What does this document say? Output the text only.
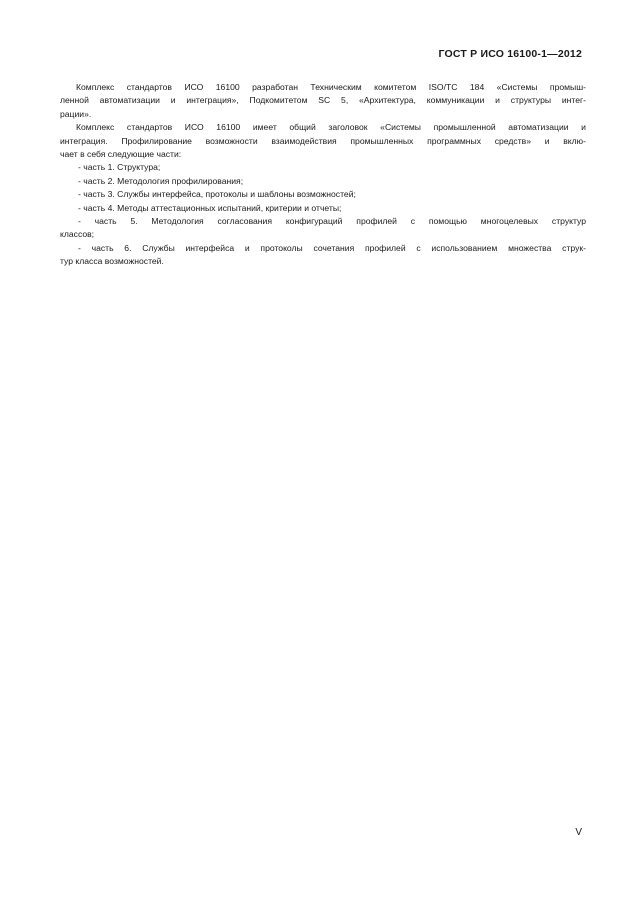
ГОСТ Р ИСО 16100-1—2012
Комплекс стандартов ИСО 16100 разработан Техническим комитетом ISO/TC 184 «Системы промыш-
ленной автоматизации и интеграция», Подкомитетом SC 5, «Архитектура, коммуникации и структуры интег-
рации».
Комплекс стандартов ИСО 16100 имеет общий заголовок «Системы промышленной автоматизации и
интеграция. Профилирование возможности взаимодействия промышленных программных средств» и вклю-
чает в себя следующие части:
- часть 1. Структура;
- часть 2. Методология профилирования;
- часть 3. Службы интерфейса, протоколы и шаблоны возможностей;
- часть 4. Методы аттестационных испытаний, критерии и отчеты;
- часть 5. Методология согласования конфигураций профилей с помощью многоцелевых структур
классов;
- часть 6. Службы интерфейса и протоколы сочетания профилей с использованием множества струк-
тур класса возможностей.
V
